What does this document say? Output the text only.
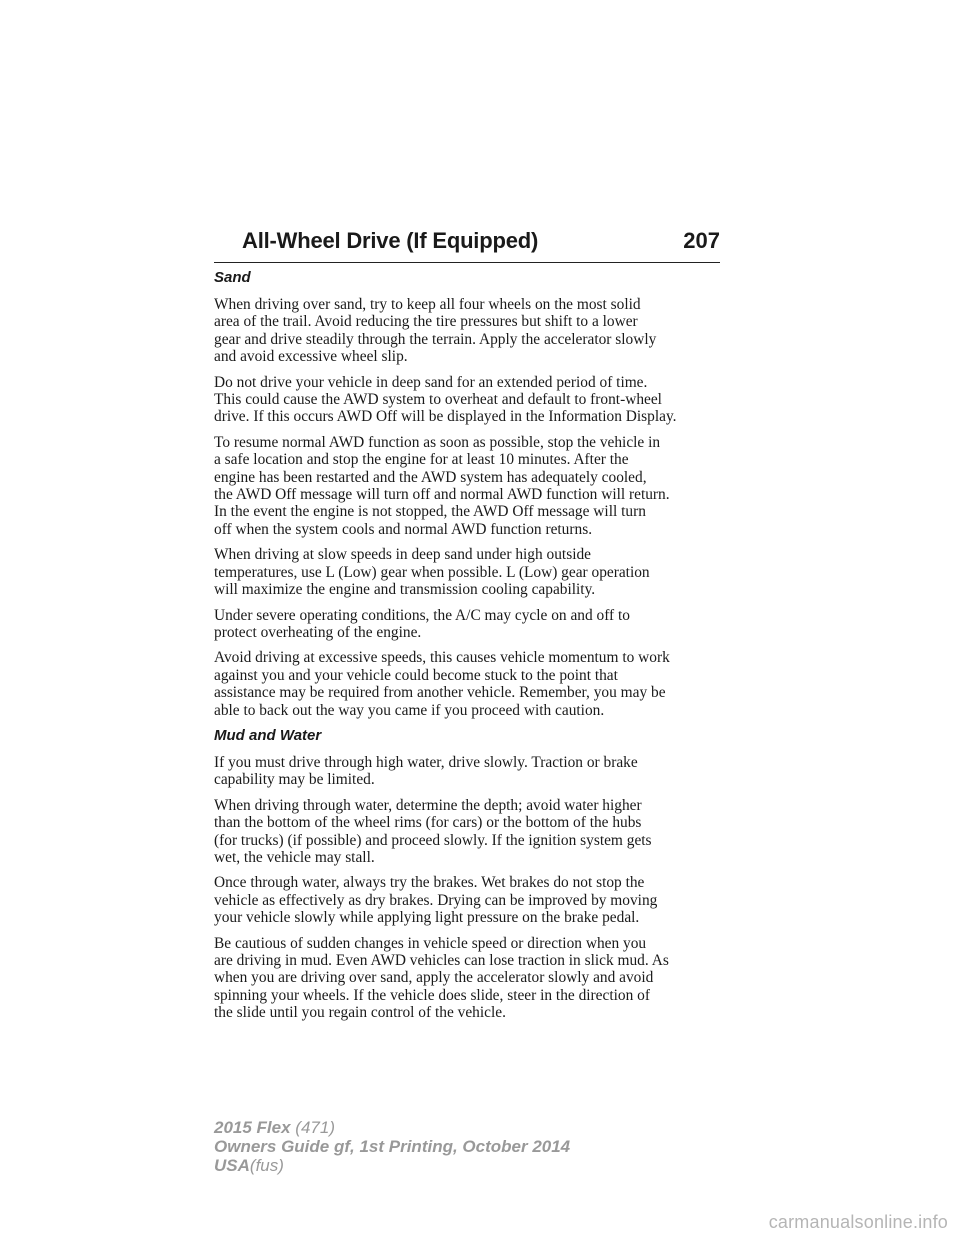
All-Wheel Drive (If Equipped)	207
Sand
When driving over sand, try to keep all four wheels on the most solid
area of the trail. Avoid reducing the tire pressures but shift to a lower
gear and drive steadily through the terrain. Apply the accelerator slowly
and avoid excessive wheel slip.
Do not drive your vehicle in deep sand for an extended period of time.
This could cause the AWD system to overheat and default to front-wheel
drive. If this occurs AWD Off will be displayed in the Information Display.
To resume normal AWD function as soon as possible, stop the vehicle in
a safe location and stop the engine for at least 10 minutes. After the
engine has been restarted and the AWD system has adequately cooled,
the AWD Off message will turn off and normal AWD function will return.
In the event the engine is not stopped, the AWD Off message will turn
off when the system cools and normal AWD function returns.
When driving at slow speeds in deep sand under high outside
temperatures, use L (Low) gear when possible. L (Low) gear operation
will maximize the engine and transmission cooling capability.
Under severe operating conditions, the A/C may cycle on and off to
protect overheating of the engine.
Avoid driving at excessive speeds, this causes vehicle momentum to work
against you and your vehicle could become stuck to the point that
assistance may be required from another vehicle. Remember, you may be
able to back out the way you came if you proceed with caution.
Mud and Water
If you must drive through high water, drive slowly. Traction or brake
capability may be limited.
When driving through water, determine the depth; avoid water higher
than the bottom of the wheel rims (for cars) or the bottom of the hubs
(for trucks) (if possible) and proceed slowly. If the ignition system gets
wet, the vehicle may stall.
Once through water, always try the brakes. Wet brakes do not stop the
vehicle as effectively as dry brakes. Drying can be improved by moving
your vehicle slowly while applying light pressure on the brake pedal.
Be cautious of sudden changes in vehicle speed or direction when you
are driving in mud. Even AWD vehicles can lose traction in slick mud. As
when you are driving over sand, apply the accelerator slowly and avoid
spinning your wheels. If the vehicle does slide, steer in the direction of
the slide until you regain control of the vehicle.
2015 Flex (471)
Owners Guide gf, 1st Printing, October 2014
USA(fus)
carmanualsonline.info
